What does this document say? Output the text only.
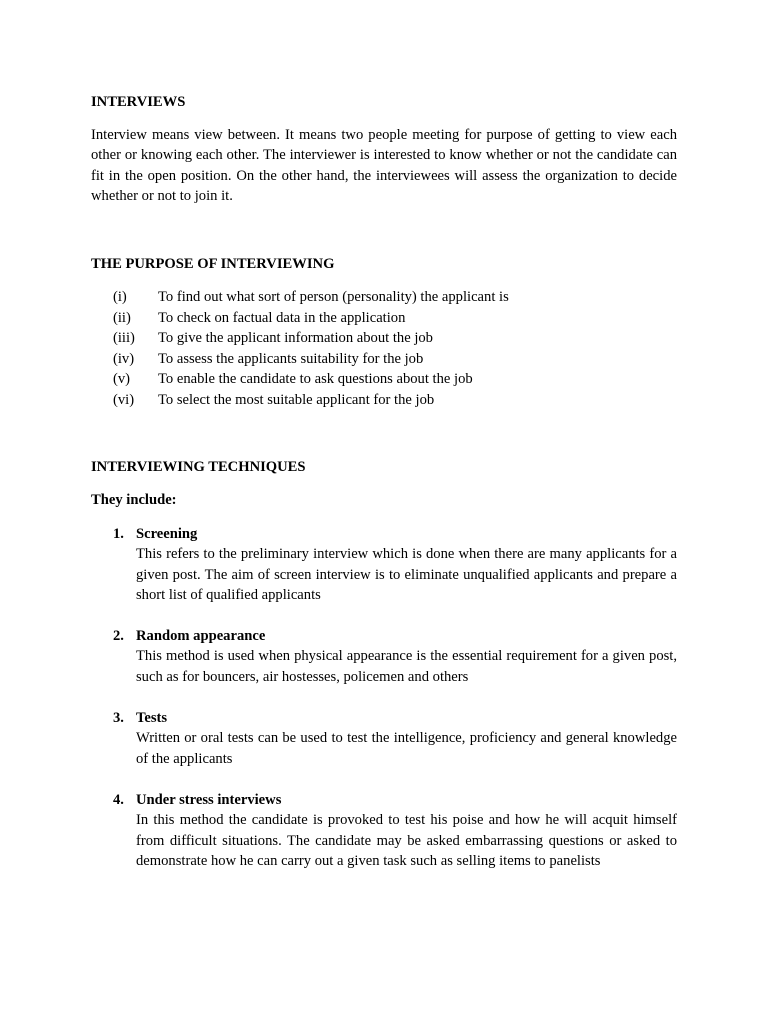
INTERVIEWS
Interview means view between. It means two people meeting for purpose of getting to view each other or knowing each other. The interviewer is interested to know whether or not the candidate can fit in the open position. On the other hand, the interviewees will assess the organization to decide whether or not to join it.
THE PURPOSE OF INTERVIEWING
(i) To find out what sort of person (personality) the applicant is
(ii) To check on factual data in the application
(iii) To give the applicant information about the job
(iv) To assess the applicants suitability for the job
(v) To enable the candidate to ask questions about the job
(vi) To select the most suitable applicant for the job
INTERVIEWING TECHNIQUES
They include:
1. Screening
This refers to the preliminary interview which is done when there are many applicants for a given post. The aim of screen interview is to eliminate unqualified applicants and prepare a short list of qualified applicants
2. Random appearance
This method is used when physical appearance is the essential requirement for a given post, such as for bouncers, air hostesses, policemen and others
3. Tests
Written or oral tests can be used to test the intelligence, proficiency and general knowledge of the applicants
4. Under stress interviews
In this method the candidate is provoked to test his poise and how he will acquit himself from difficult situations. The candidate may be asked embarrassing questions or asked to demonstrate how he can carry out a given task such as selling items to panelists
